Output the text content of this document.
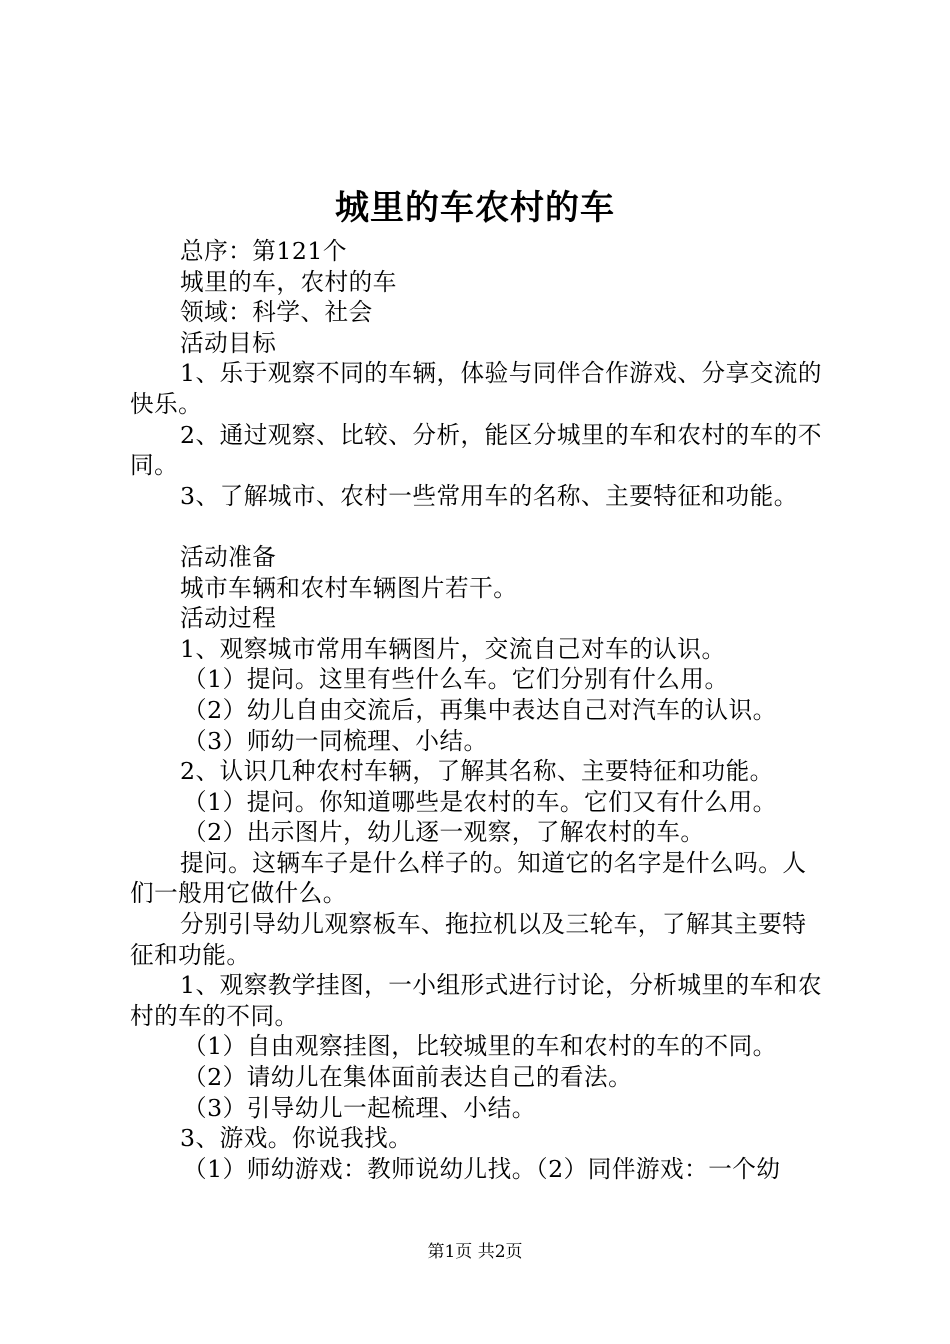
城里的车农村的车

总序：第121个

城里的车，农村的车

领域：科学、社会

活动目标

1、乐于观察不同的车辆，体验与同伴合作游戏、分享交流的快乐。

2、通过观察、比较、分析，能区分城里的车和农村的车的不同。

3、了解城市、农村一些常用车的名称、主要特征和功能。

活动准备

城市车辆和农村车辆图片若干。

活动过程

1、观察城市常用车辆图片，交流自己对车的认识。

（1）提问。这里有些什么车。它们分别有什么用。

（2）幼儿自由交流后，再集中表达自己对汽车的认识。

（3）师幼一同梳理、小结。

2、认识几种农村车辆，了解其名称、主要特征和功能。

（1）提问。你知道哪些是农村的车。它们又有什么用。

（2）出示图片，幼儿逐一观察，了解农村的车。

提问。这辆车子是什么样子的。知道它的名字是什么吗。人们一般用它做什么。

分别引导幼儿观察板车、拖拉机以及三轮车，了解其主要特征和功能。

1、观察教学挂图，一小组形式进行讨论，分析城里的车和农村的车的不同。

（1）自由观察挂图，比较城里的车和农村的车的不同。

（2）请幼儿在集体面前表达自己的看法。

（3）引导幼儿一起梳理、小结。

3、游戏。你说我找。

（1）师幼游戏：教师说幼儿找。（2）同伴游戏：一个幼

第1页 共2页
